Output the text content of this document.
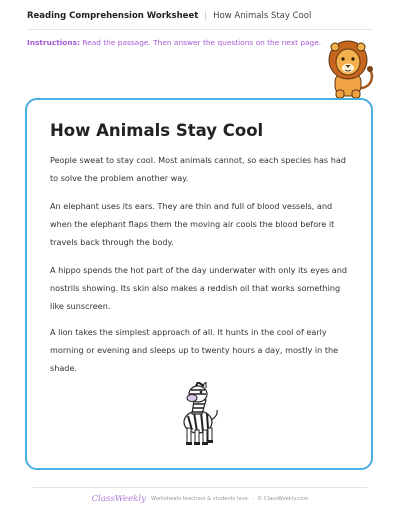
Reading Comprehension Worksheet | How Animals Stay Cool
Instructions: Read the passage. Then answer the questions on the next page.
How Animals Stay Cool

People sweat to stay cool. Most animals cannot, so each species has had to solve the problem another way.

An elephant uses its ears. They are thin and full of blood vessels, and when the elephant flaps them the moving air cools the blood before it travels back through the body.

A hippo spends the hot part of the day underwater with only its eyes and nostrils showing. Its skin also makes a reddish oil that works something like sunscreen.

A lion takes the simplest approach of all. It hunts in the cool of early morning or evening and sleeps up to twenty hours a day, mostly in the shade.

ClassWeekly Worksheets teachers & students love. · © ClassWeekly.com
